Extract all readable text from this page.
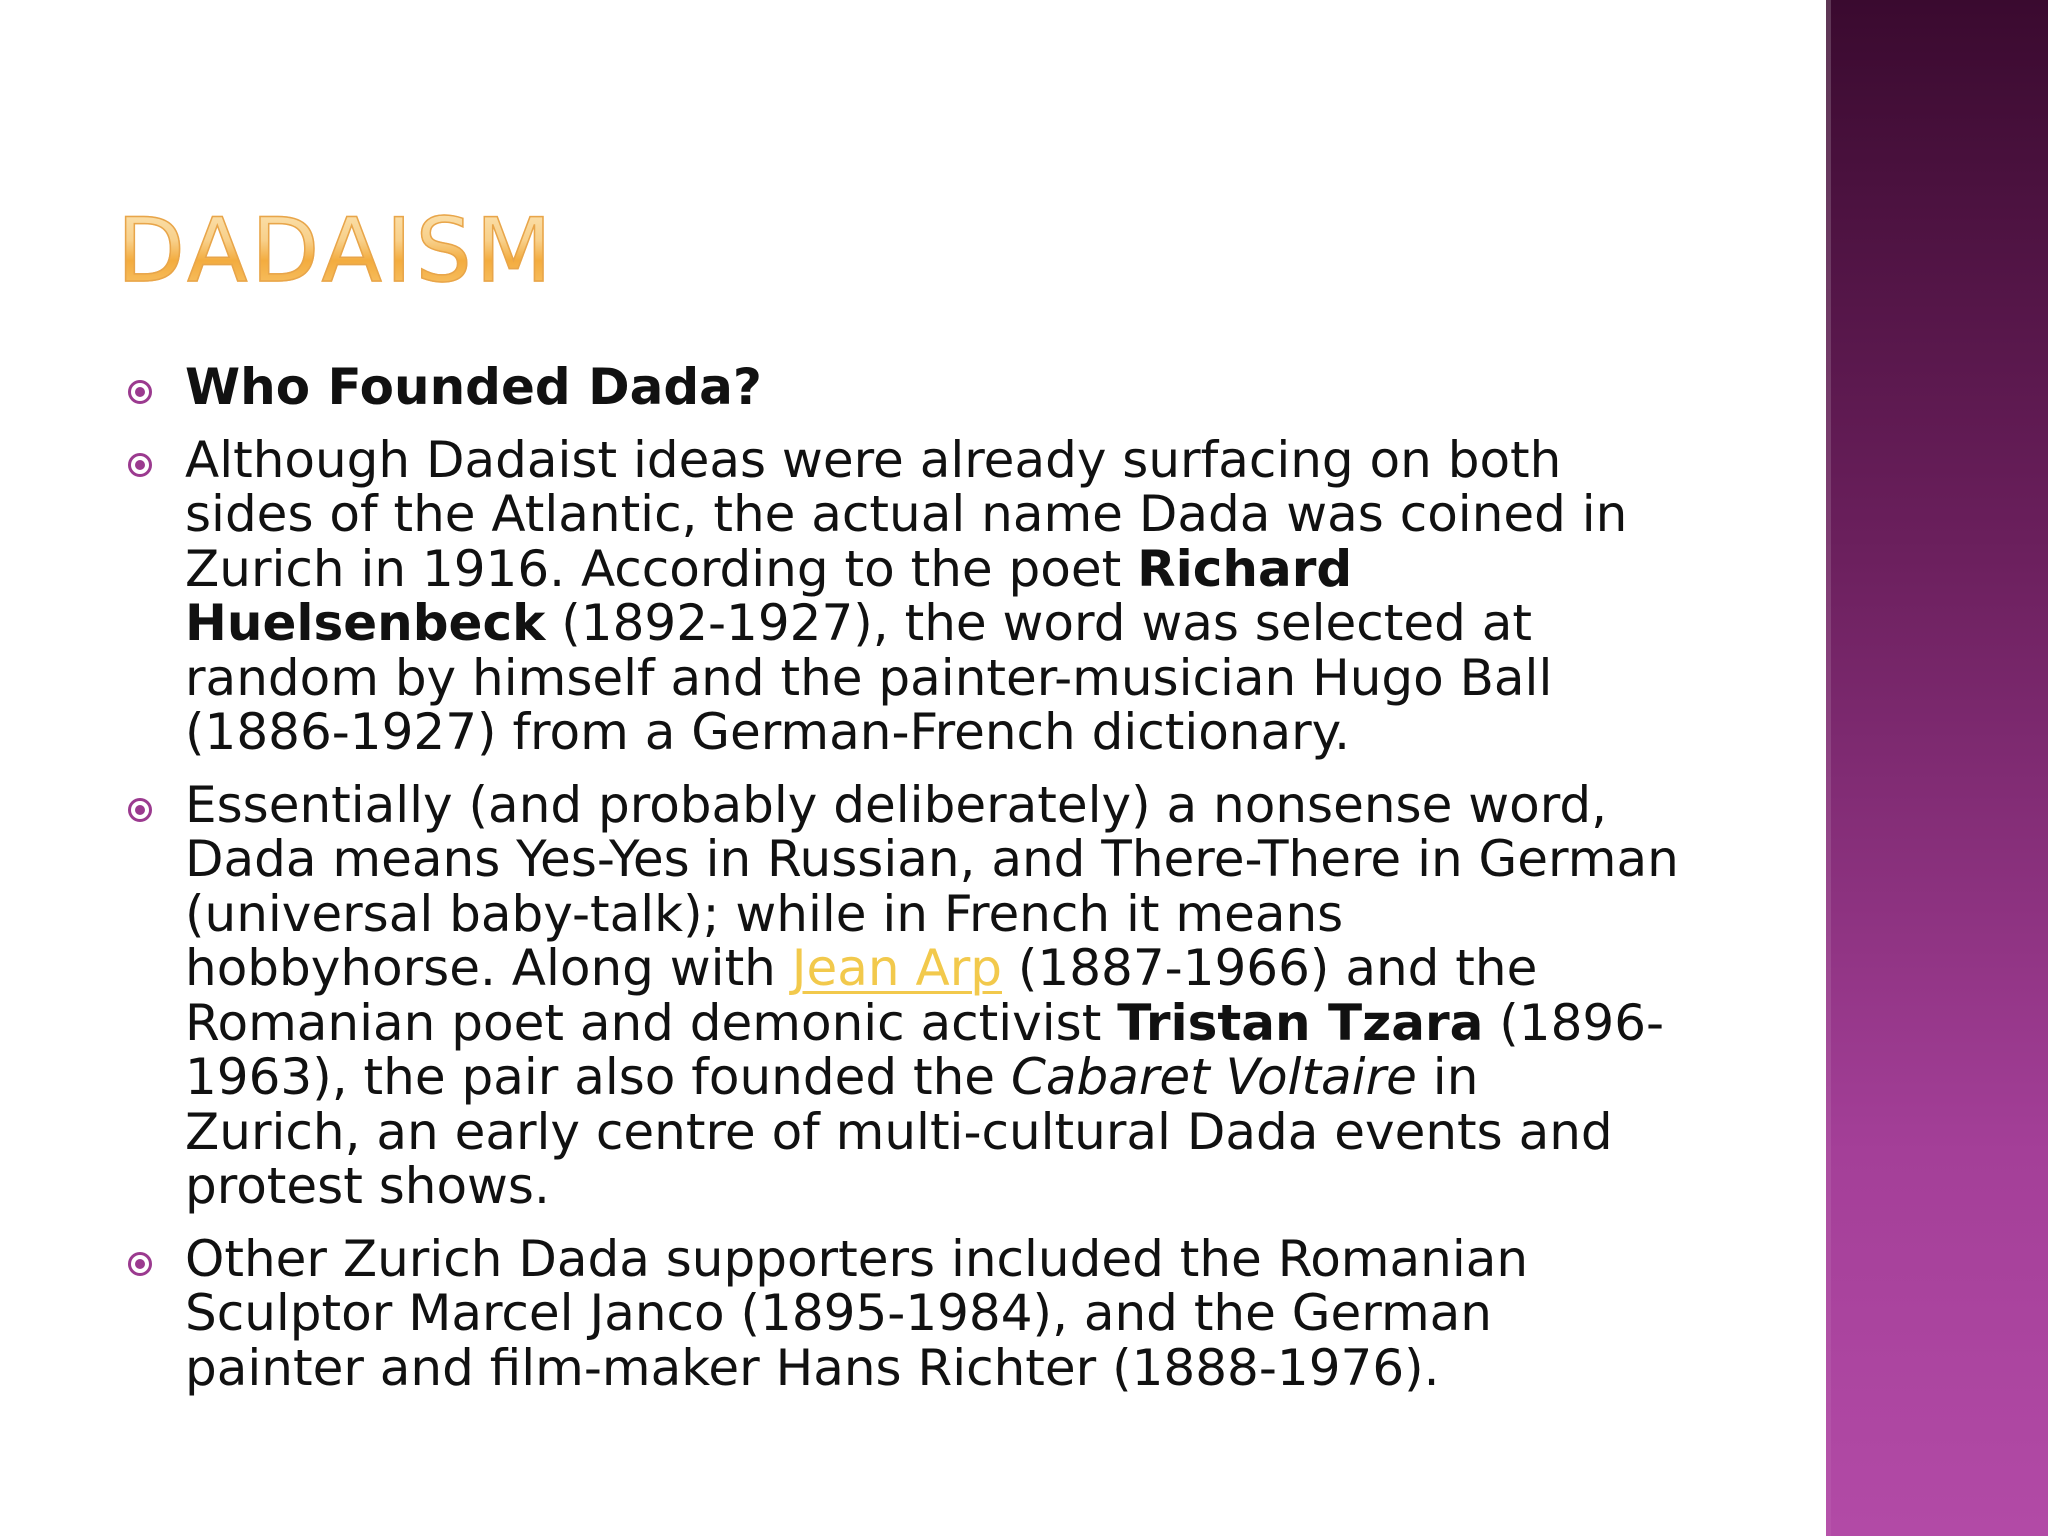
DADAISM
Who Founded Dada?
Although Dadaist ideas were already surfacing on both
sides of the Atlantic, the actual name Dada was coined in
Zurich in 1916. According to the poet Richard
Huelsenbeck (1892-1927), the word was selected at
random by himself and the painter-musician Hugo Ball
(1886-1927) from a German-French dictionary.
Essentially (and probably deliberately) a nonsense word,
Dada means Yes-Yes in Russian, and There-There in German
(universal baby-talk); while in French it means
hobbyhorse. Along with Jean Arp (1887-1966) and the
Romanian poet and demonic activist Tristan Tzara (1896-
1963), the pair also founded the Cabaret Voltaire in
Zurich, an early centre of multi-cultural Dada events and
protest shows.
Other Zurich Dada supporters included the Romanian
Sculptor Marcel Janco (1895-1984), and the German
painter and film-maker Hans Richter (1888-1976).
